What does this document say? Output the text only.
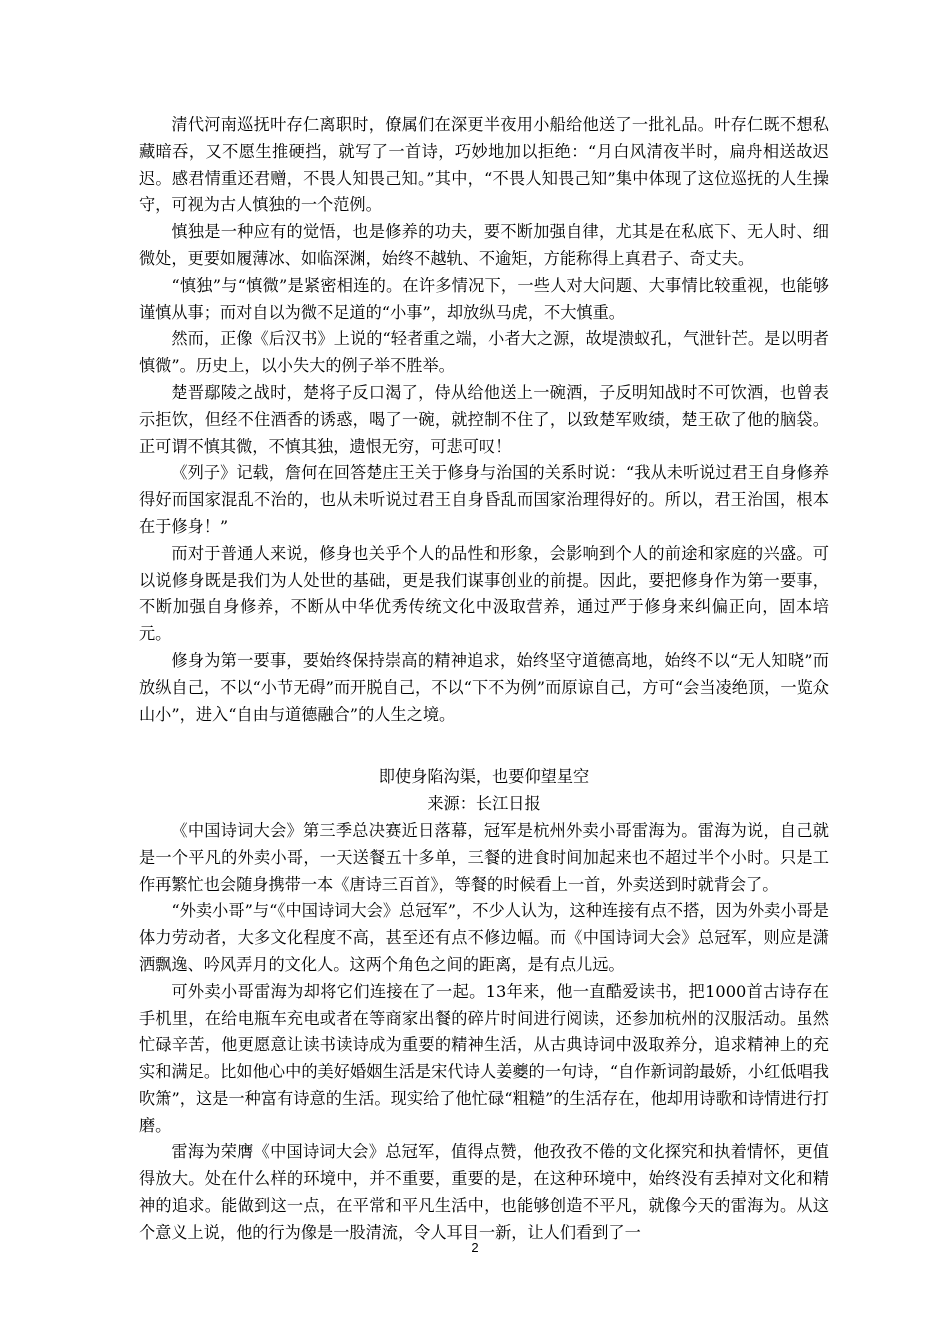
清代河南巡抚叶存仁离职时，僚属们在深更半夜用小船给他送了一批礼品。叶存仁既不想私藏暗吞，又不愿生推硬挡，就写了一首诗，巧妙地加以拒绝：“月白风清夜半时，扁舟相送故迟迟。感君情重还君赠，不畏人知畏己知。”其中，“不畏人知畏己知”集中体现了这位巡抚的人生操守，可视为古人慎独的一个范例。

慎独是一种应有的觉悟，也是修养的功夫，要不断加强自律，尤其是在私底下、无人时、细微处，更要如履薄冰、如临深渊，始终不越轨、不逾矩，方能称得上真君子、奇丈夫。

“慎独”与“慎微”是紧密相连的。在许多情况下，一些人对大问题、大事情比较重视，也能够谨慎从事；而对自以为微不足道的“小事”，却放纵马虎，不大慎重。

然而，正像《后汉书》上说的“轻者重之端，小者大之源，故堤溃蚁孔，气泄针芒。是以明者慎微”。历史上，以小失大的例子举不胜举。

楚晋鄢陵之战时，楚将子反口渴了，侍从给他送上一碗酒，子反明知战时不可饮酒，也曾表示拒饮，但经不住酒香的诱惑，喝了一碗，就控制不住了，以致楚军败绩，楚王砍了他的脑袋。正可谓不慎其微，不慎其独，遗恨无穷，可悲可叹！

《列子》记载，詹何在回答楚庄王关于修身与治国的关系时说：“我从未听说过君王自身修养得好而国家混乱不治的，也从未听说过君王自身昏乱而国家治理得好的。所以，君王治国，根本在于修身！”

而对于普通人来说，修身也关乎个人的品性和形象，会影响到个人的前途和家庭的兴盛。可以说修身既是我们为人处世的基础，更是我们谋事创业的前提。因此，要把修身作为第一要事，不断加强自身修养，不断从中华优秀传统文化中汲取营养，通过严于修身来纠偏正向，固本培元。

修身为第一要事，要始终保持崇高的精神追求，始终坚守道德高地，始终不以“无人知晓”而放纵自己，不以“小节无碍”而开脱自己，不以“下不为例”而原谅自己，方可“会当凌绝顶，一览众山小”，进入“自由与道德融合”的人生之境。

即使身陷沟渠，也要仰望星空

来源：长江日报

《中国诗词大会》第三季总决赛近日落幕，冠军是杭州外卖小哥雷海为。雷海为说，自己就是一个平凡的外卖小哥，一天送餐五十多单，三餐的进食时间加起来也不超过半个小时。只是工作再繁忙也会随身携带一本《唐诗三百首》，等餐的时候看上一首，外卖送到时就背会了。

“外卖小哥”与“《中国诗词大会》总冠军”，不少人认为，这种连接有点不搭，因为外卖小哥是体力劳动者，大多文化程度不高，甚至还有点不修边幅。而《中国诗词大会》总冠军，则应是潇洒飘逸、吟风弄月的文化人。这两个角色之间的距离，是有点儿远。

可外卖小哥雷海为却将它们连接在了一起。13年来，他一直酷爱读书，把1000首古诗存在手机里，在给电瓶车充电或者在等商家出餐的碎片时间进行阅读，还参加杭州的汉服活动。虽然忙碌辛苦，他更愿意让读书读诗成为重要的精神生活，从古典诗词中汲取养分，追求精神上的充实和满足。比如他心中的美好婚姻生活是宋代诗人姜夔的一句诗，“自作新词韵最娇，小红低唱我吹箫”，这是一种富有诗意的生活。现实给了他忙碌“粗糙”的生活存在，他却用诗歌和诗情进行打磨。

雷海为荣膺《中国诗词大会》总冠军，值得点赞，他孜孜不倦的文化探究和执着情怀，更值得放大。处在什么样的环境中，并不重要，重要的是，在这种环境中，始终没有丢掉对文化和精神的追求。能做到这一点，在平常和平凡生活中，也能够创造不平凡，就像今天的雷海为。从这个意义上说，他的行为像是一股清流，令人耳目一新，让人们看到了一

2
